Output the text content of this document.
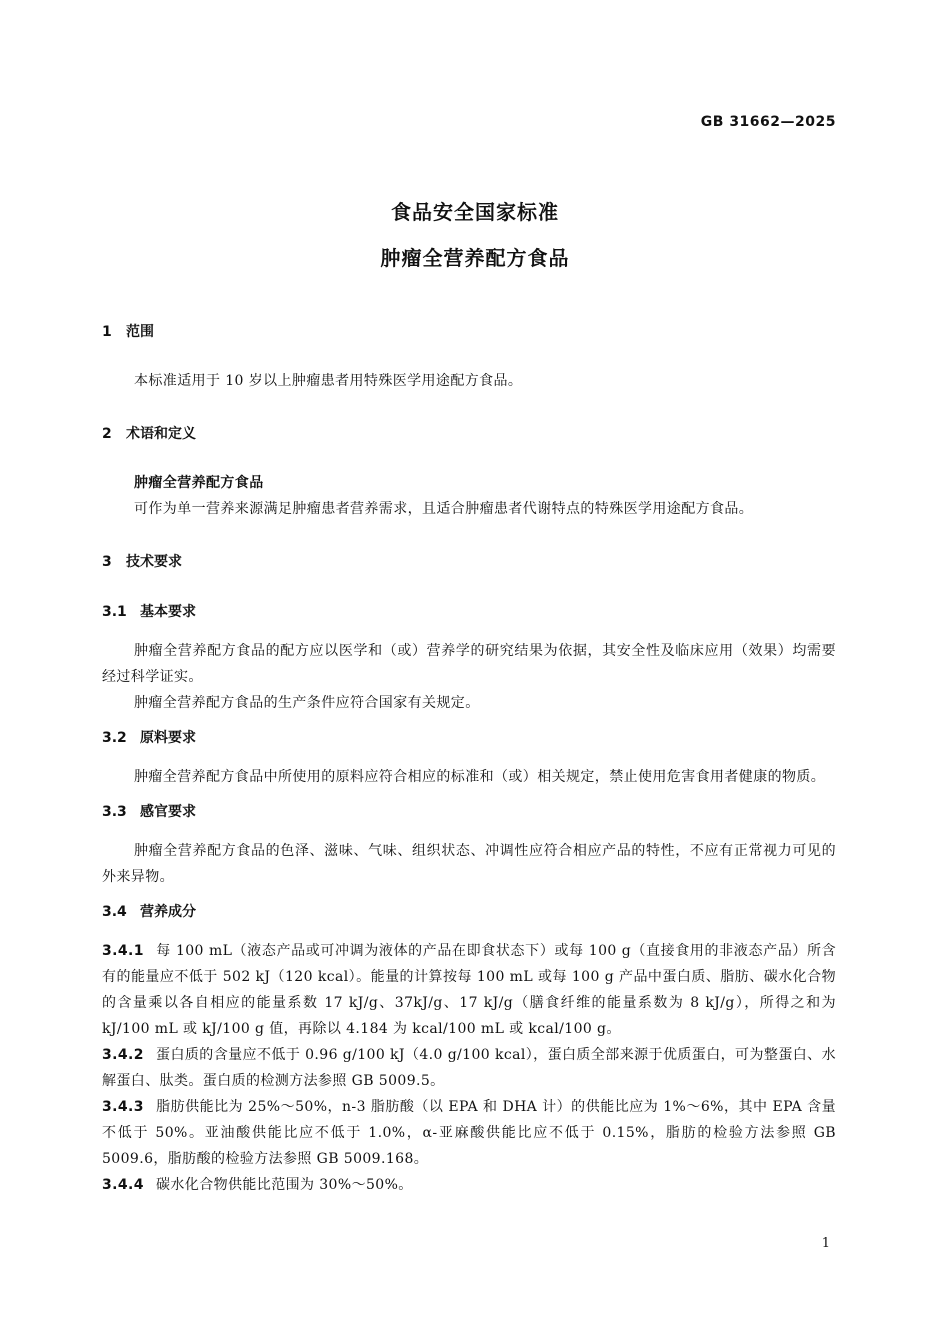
GB 31662—2025
食品安全国家标准
肿瘤全营养配方食品
1 范围

本标准适用于 10 岁以上肿瘤患者用特殊医学用途配方食品。

2 术语和定义

肿瘤全营养配方食品

可作为单一营养来源满足肿瘤患者营养需求，且适合肿瘤患者代谢特点的特殊医学用途配方食品。

3 技术要求
3.1 基本要求

肿瘤全营养配方食品的配方应以医学和（或）营养学的研究结果为依据，其安全性及临床应用（效果）均需要经过科学证实。

肿瘤全营养配方食品的生产条件应符合国家有关规定。

3.2 原料要求

肿瘤全营养配方食品中所使用的原料应符合相应的标准和（或）相关规定，禁止使用危害食用者健康的物质。

3.3 感官要求

肿瘤全营养配方食品的色泽、滋味、气味、组织状态、冲调性应符合相应产品的特性，不应有正常视力可见的外来异物。

3.4 营养成分

3.4.1 每 100 mL（液态产品或可冲调为液体的产品在即食状态下）或每 100 g（直接食用的非液态产品）所含有的能量应不低于 502 kJ（120 kcal）。能量的计算按每 100 mL 或每 100 g 产品中蛋白质、脂肪、碳水化合物的含量乘以各自相应的能量系数 17 kJ/g、37kJ/g、17 kJ/g（膳食纤维的能量系数为 8 kJ/g），所得之和为 kJ/100 mL 或 kJ/100 g 值，再除以 4.184 为 kcal/100 mL 或 kcal/100 g。

3.4.2 蛋白质的含量应不低于 0.96 g/100 kJ（4.0 g/100 kcal），蛋白质全部来源于优质蛋白，可为整蛋白、水解蛋白、肽类。蛋白质的检测方法参照 GB 5009.5。

3.4.3 脂肪供能比为 25%～50%，n-3 脂肪酸（以 EPA 和 DHA 计）的供能比应为 1%～6%，其中 EPA 含量不低于 50%。亚油酸供能比应不低于 1.0%，α-亚麻酸供能比应不低于 0.15%，脂肪的检验方法参照 GB 5009.6，脂肪酸的检验方法参照 GB 5009.168。

3.4.4 碳水化合物供能比范围为 30%～50%。

1
